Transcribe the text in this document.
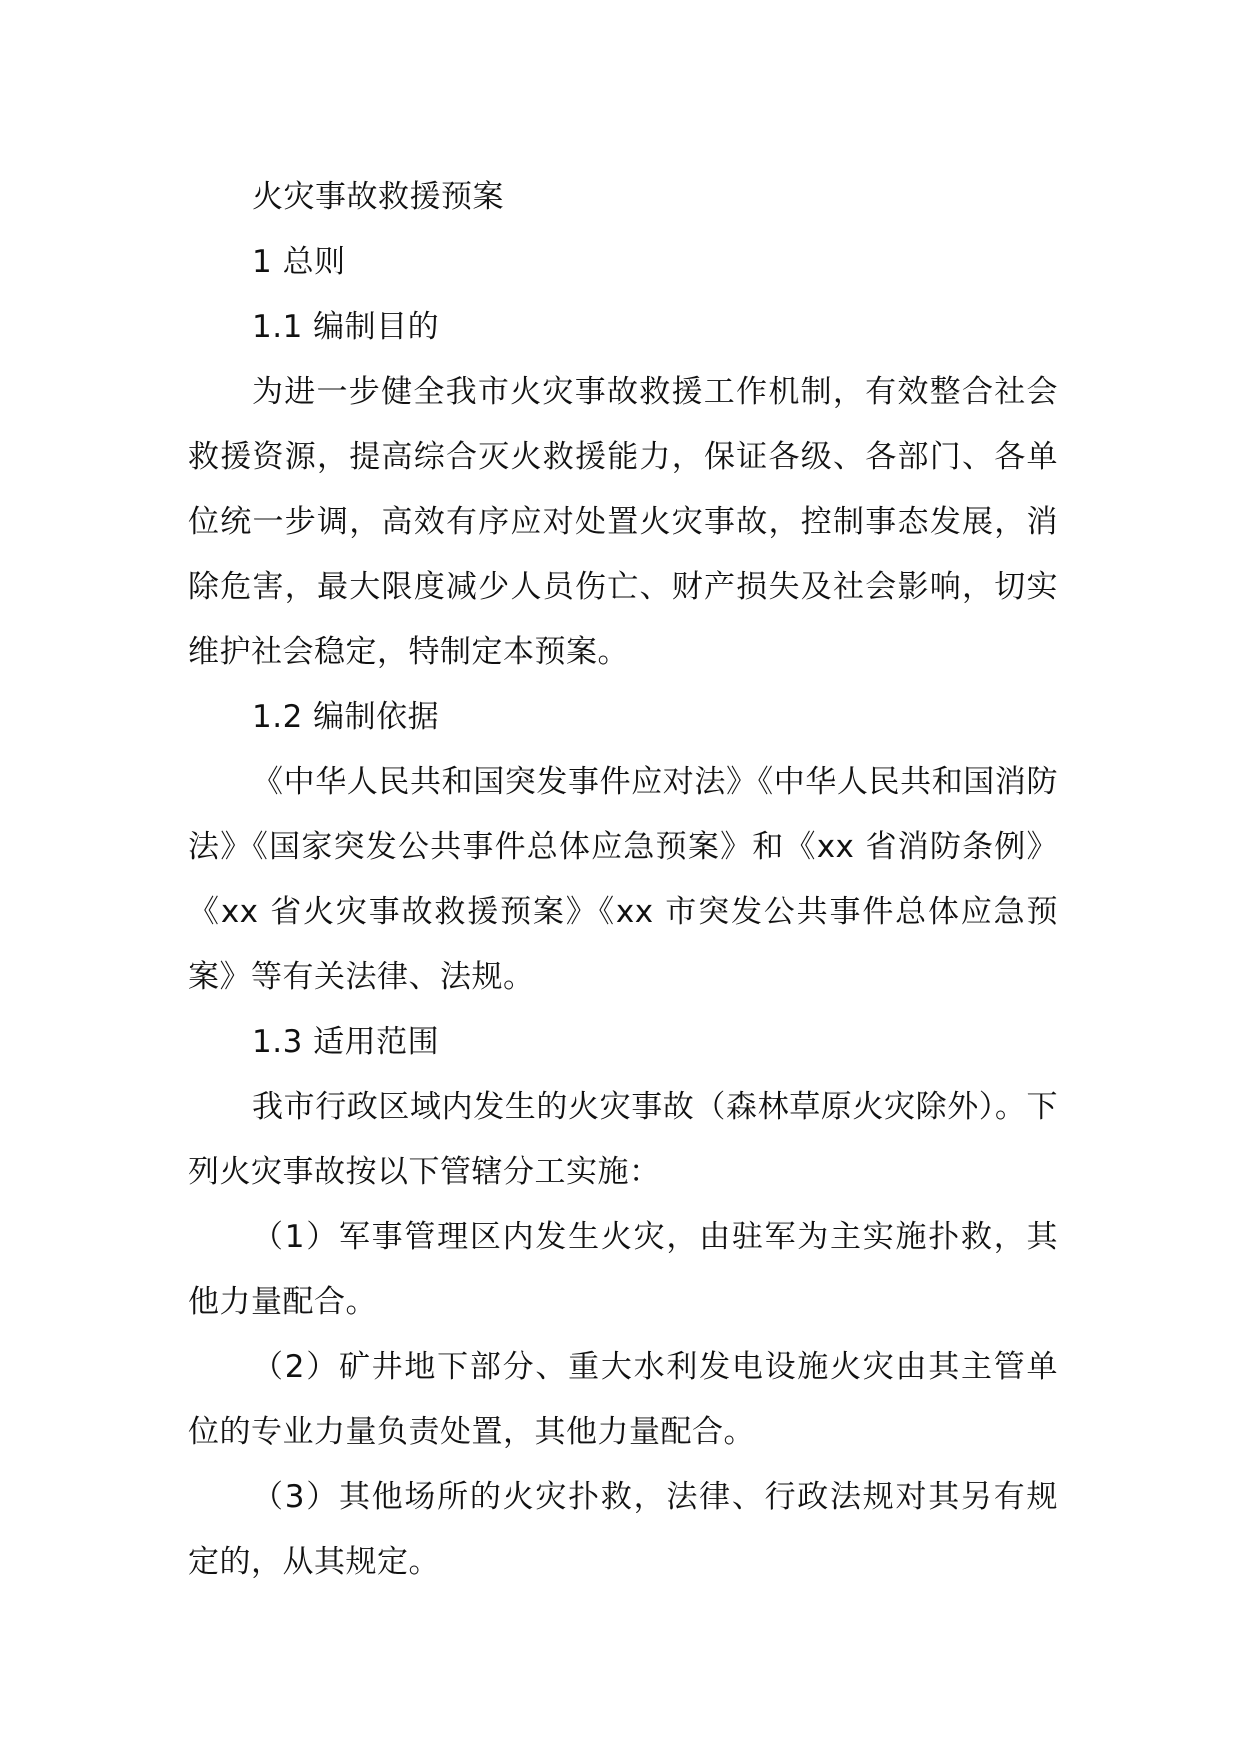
火灾事故救援预案

1 总则

1.1 编制目的

为进一步健全我市火灾事故救援工作机制，有效整合社会救援资源，提高综合灭火救援能力，保证各级、各部门、各单位统一步调，高效有序应对处置火灾事故，控制事态发展，消除危害，最大限度减少人员伤亡、财产损失及社会影响，切实维护社会稳定，特制定本预案。

1.2 编制依据

《中华人民共和国突发事件应对法》《中华人民共和国消防法》《国家突发公共事件总体应急预案》和《xx 省消防条例》《xx 省火灾事故救援预案》《xx 市突发公共事件总体应急预案》等有关法律、法规。

1.3 适用范围

我市行政区域内发生的火灾事故（森林草原火灾除外）。下列火灾事故按以下管辖分工实施：

（1）军事管理区内发生火灾，由驻军为主实施扑救，其他力量配合。

（2）矿井地下部分、重大水利发电设施火灾由其主管单位的专业力量负责处置，其他力量配合。

（3）其他场所的火灾扑救，法律、行政法规对其另有规定的，从其规定。
